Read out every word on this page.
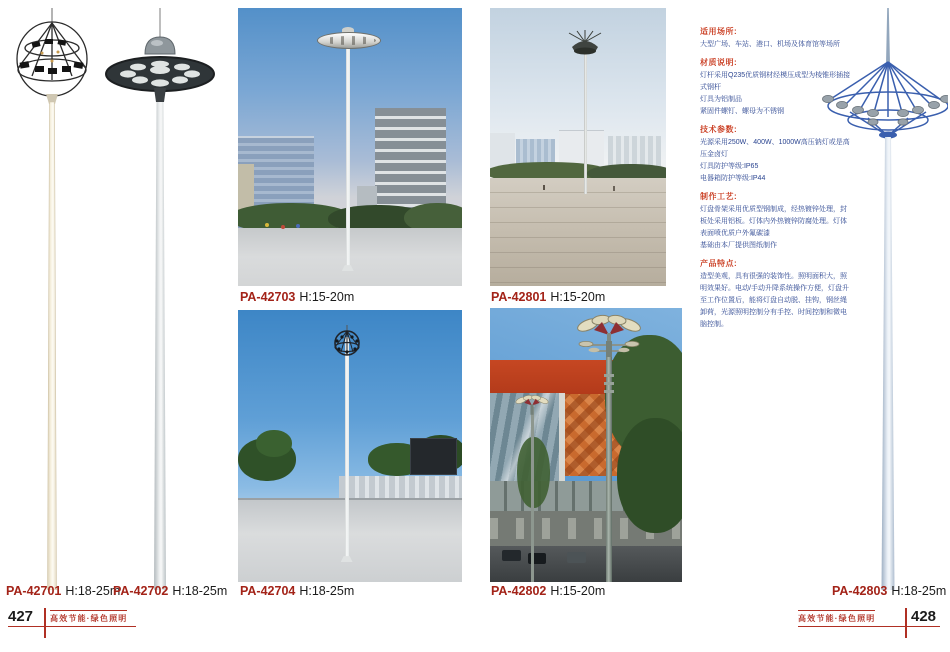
适用场所:
大型广场、车站、港口、机场及体育馆等场所
材质说明:
灯杆采用Q235优质钢材经模压成型为棱锥形插接式钢杆
灯具为铝制品
紧固件螺钉、螺母为不锈钢
技术参数:
光源采用250W、400W、1000W高压钠灯或是高压金卤灯
灯具防护等级:IP65
电器箱防护等级:IP44
制作工艺:
灯盘骨架采用优质型钢制成，经热镀锌处理，封板处采用铝板。灯体内外热镀锌防腐处理。灯体表面喷优质户外氟碳漆
基础由本厂提供图纸制作
产品特点:
造型美观，具有很强的装饰性。照明面积大，照明效果好。电动/手动升降系统操作方便，灯盘升至工作位置后，能将灯盘自动脱、挂钩，钢丝绳卸荷，光源照明控制分有手控、时间控制和微电脑控制。
PA-42701 H:18-25m
PA-42702 H:18-25m
PA-42703 H:15-20m
PA-42704 H:18-25m
PA-42801 H:15-20m
PA-42802 H:15-20m	PA-42803 H:18-25m
427 高效节能·绿色照明	高效节能·绿色照明 428
